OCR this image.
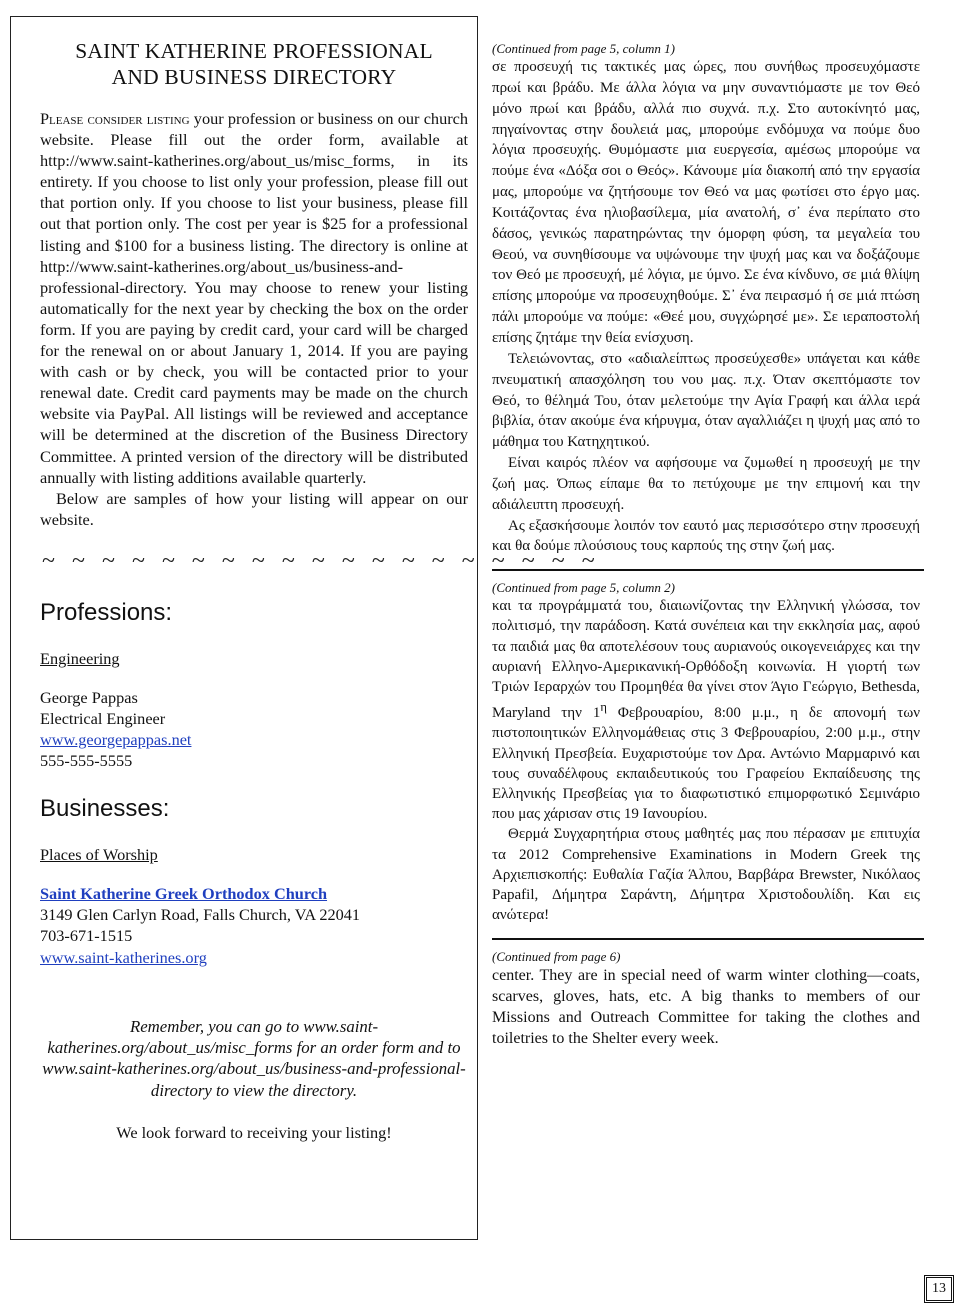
SAINT KATHERINE PROFESSIONAL
AND BUSINESS DIRECTORY

Please consider listing your profession or business on our church website. Please fill out the order form, available at http://www.saint-katherines.org/about_us/misc_forms, in its entirety. If you choose to list only your profession, please fill out that portion only. If you choose to list your business, please fill out that portion only. The cost per year is $25 for a professional listing and $100 for a business listing. The directory is online at http://www.saint-katherines.org/about_us/business-and-professional-directory. You may choose to renew your listing automatically for the next year by checking the box on the order form. If you are paying by credit card, your card will be charged for the renewal on or about January 1, 2014. If you are paying with cash or by check, you will be contacted prior to your renewal date. Credit card payments may be made on the church website via PayPal. All listings will be reviewed and acceptance will be determined at the discretion of the Business Directory Committee. A printed version of the directory will be distributed annually with listing additions available quarterly.

Below are samples of how your listing will appear on our website.

~ ~ ~ ~ ~ ~ ~ ~ ~ ~ ~ ~ ~ ~ ~ ~ ~ ~ ~
Professions:
Engineering
George Pappas
Electrical Engineer
www.georgepappas.net
555-555-5555
Businesses:
Places of Worship
Saint Katherine Greek Orthodox Church
3149 Glen Carlyn Road, Falls Church, VA 22041
703-671-1515
www.saint-katherines.org

Remember, you can go to www.saint-katherines.org/about_us/misc_forms for an order form and to www.saint-katherines.org/about_us/business-and-professional-directory to view the directory.

We look forward to receiving your listing!

(Continued from page 5, column 1)

σε προσευχή τις τακτικές μας ώρες, που συνήθως προσευχόμαστε πρωί και βράδυ. Με άλλα λόγια να μην συναντιόμαστε με τον Θεό μόνο πρωί και βράδυ, αλλά πιο συχνά. π.χ. Στο αυτοκίνητό μας, πηγαίνοντας στην δουλειά μας, μπορούμε ενδόμυχα να πούμε δυο λόγια προσευχής. Θυμόμαστε μια ευεργεσία, αμέσως μπορούμε να πούμε ένα «Δόξα σοι ο Θεός». Κάνουμε μία διακοπή από την εργασία μας, μπορούμε να ζητήσουμε τον Θεό να μας φωτίσει στο έργο μας. Κοιτάζοντας ένα ηλιοβασίλεμα, μία ανατολή, σ᾽ ένα περίπατο στο δάσος, γενικώς παρατηρώντας την όμορφη φύση, τα μεγαλεία του Θεού, να συνηθίσουμε να υψώνουμε την ψυχή μας και να δοξάζουμε τον Θεό με προσευχή, μέ λόγια, με ύμνο. Σε ένα κίνδυνο, σε μιά θλίψη επίσης μπορούμε να προσευχηθούμε. Σ᾽ ένα πειρασμό ή σε μιά πτώση πάλι μπορούμε να πούμε: «Θεέ μου, συγχώρησέ με». Σε ιεραποστολή επίσης ζητάμε την θεία ενίσχυση.

Τελειώνοντας, στο «αδιαλείπτως προσεύχεσθε» υπάγεται και κάθε πνευματική απασχόληση του νου μας. π.χ. Όταν σκεπτόμαστε τον Θεό, το θέλημά Του, όταν μελετούμε την Αγία Γραφή και άλλα ιερά βιβλία, όταν ακούμε ένα κήρυγμα, όταν αγαλλιάζει η ψυχή μας από το μάθημα του Κατηχητικού.

Είναι καιρός πλέον να αφήσουμε να ζυμωθεί η προσευχή με την ζωή μας. Όπως είπαμε θα το πετύχουμε με την επιμονή και την αδιάλειπτη προσευχή.

Ας εξασκήσουμε λοιπόν τον εαυτό μας περισσότερο στην προσευχή και θα δούμε πλούσιους τους καρπούς της στην ζωή μας.

(Continued from page 5, column 2)

και τα προγράμματά του, διαιωνίζοντας την Ελληνική γλώσσα, τον πολιτισμό, την παράδοση. Κατά συνέπεια και την εκκλησία μας, αφού τα παιδιά μας θα αποτελέσουν τους αυριανούς οικογενειάρχες και την αυριανή Ελληνο-Αμερικανική-Ορθόδοξη κοινωνία. Η γιορτή των Τριών Ιεραρχών του Προμηθέα θα γίνει στον Άγιο Γεώργιο, Bethesda, Maryland την $1^\eta$ Φεβρουαρίου, 8:00 μ.μ., η δε απονομή των πιστοποιητικών Ελληνομάθειας στις 3 Φεβρουαρίου, 2:00 μ.μ., στην Ελληνική Πρεσβεία. Ευχαριστούμε τον Δρα. Αντώνιο Μαρμαρινό και τους συναδέλφους εκπαιδευτικούς του Γραφείου Εκπαίδευσης της Ελληνικής Πρεσβείας για το διαφωτιστικό επιμορφωτικό Σεμινάριο που μας χάρισαν στις 19 Ιανουρίου.

Θερμά Συγχαρητήρια στους μαθητές μας που πέρασαν με επιτυχία τα 2012 Comprehensive Examinations in Modern Greek της Αρχιεπισκοπής: Ευθαλία Γαζία Άλπου, Βαρβάρα Brewster, Νικόλαος Papafil, Δήμητρα Σαράντη, Δήμητρα Χριστοδουλίδη. Και εις ανώτερα!

(Continued from page 6)

center. They are in special need of warm winter clothing—coats, scarves, gloves, hats, etc. A big thanks to members of our Missions and Outreach Committee for taking the clothes and toiletries to the Shelter every week.

13
